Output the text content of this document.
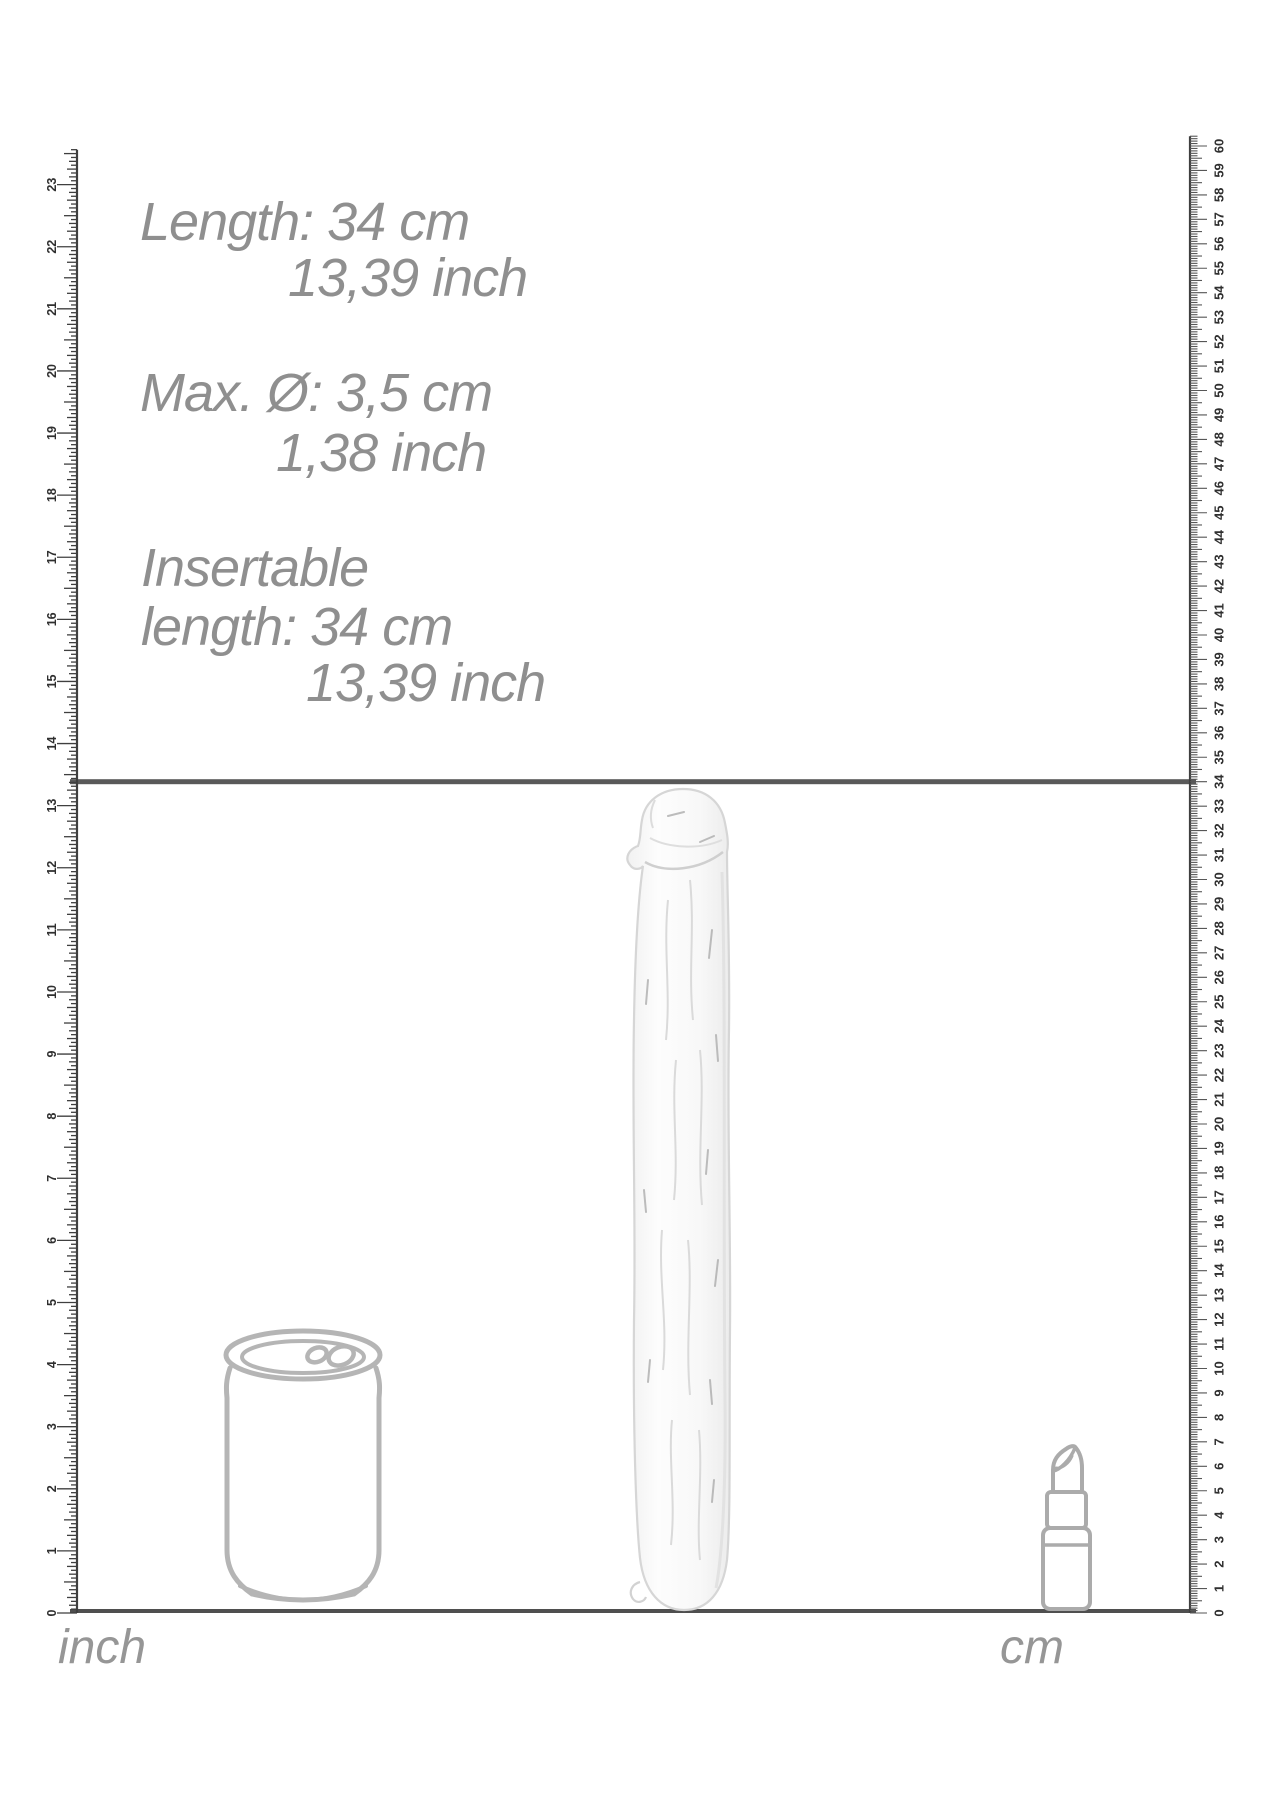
0
1
2
3
4
5
6
7
8
9
10
11
12
13
14
15
16
17
18
19
20
21
22
23
0
1
2
3
4
5
6
7
8
9
10
11
12
13
14
15
16
17
18
19
20
21
22
23
24
25
26
27
28
29
30
31
32
33
34
35
36
37
38
39
40
41
42
43
44
45
46
47
48
49
50
51
52
53
54
55
56
57
58
59
60
Length: 34 cm
13,39 inch
Max. Ø: 3,5 cm
1,38 inch
Insertable
length: 34 cm
13,39 inch
inch	cm
